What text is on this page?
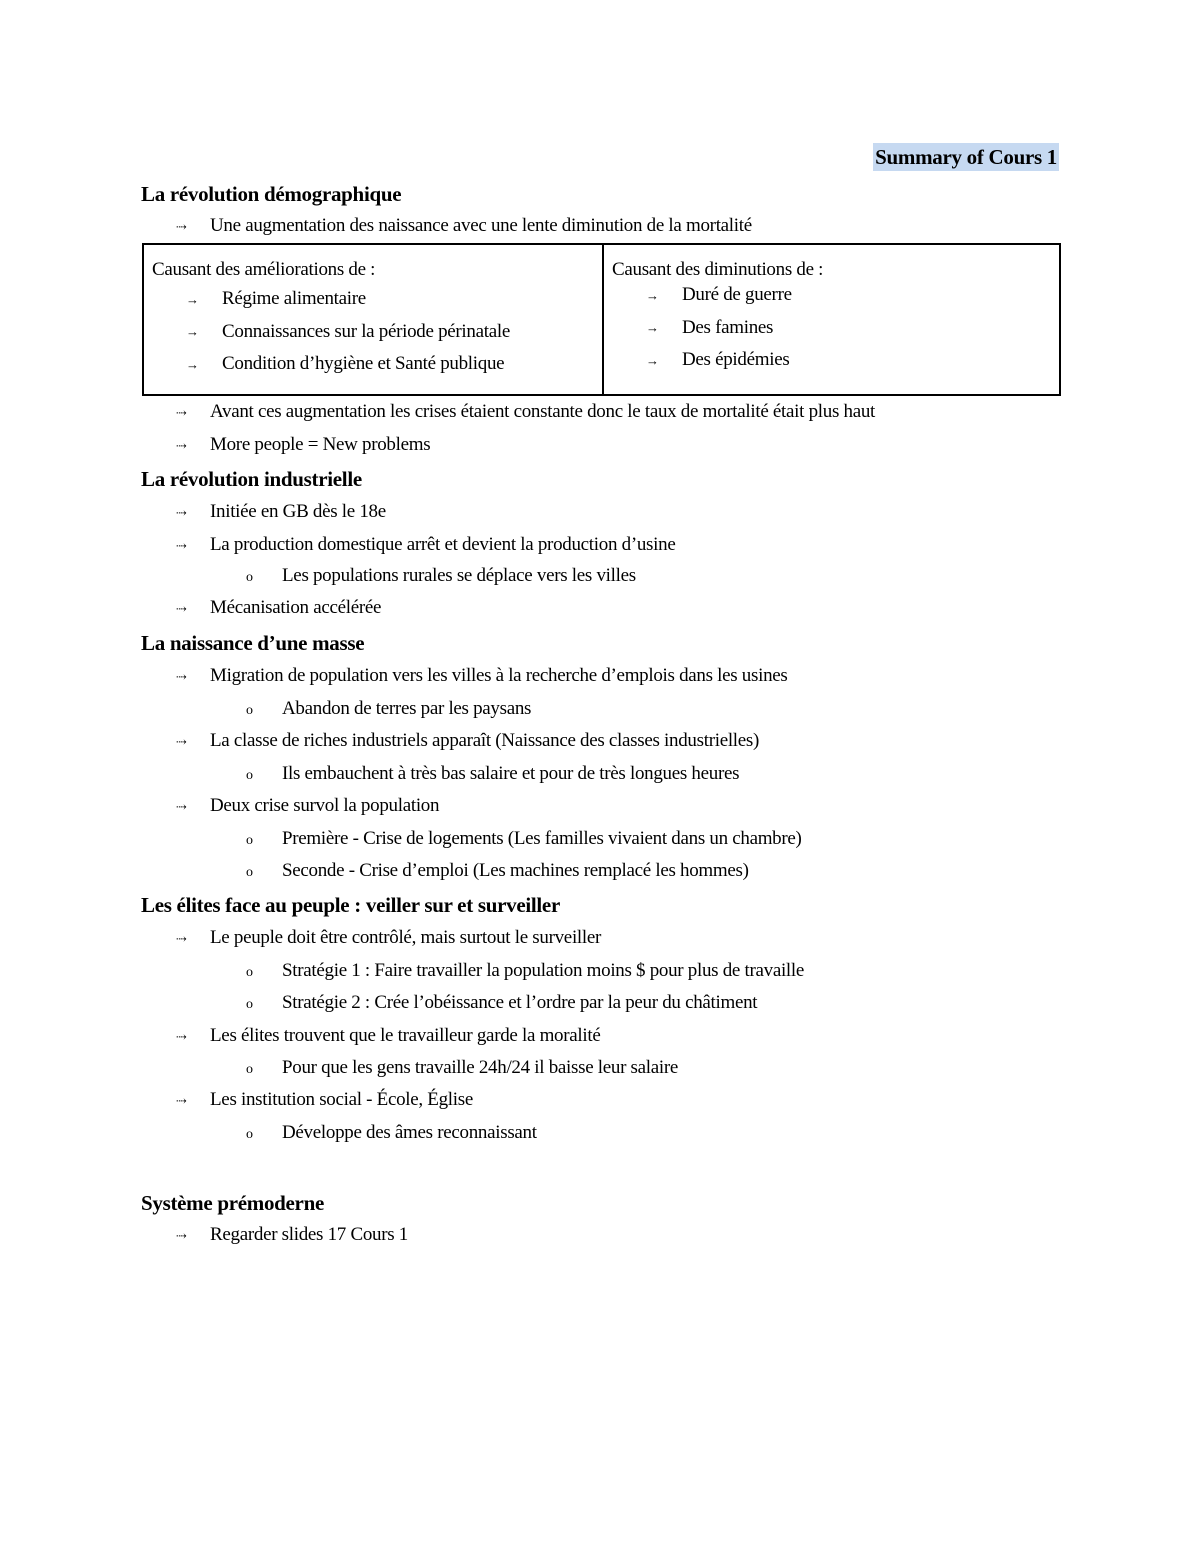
Summary of Cours 1
La révolution démographique
⇢ Une augmentation des naissance avec une lente diminution de la mortalité
Causant des améliorations de :
→ Régime alimentaire
→ Connaissances sur la période périnatale
→ Condition d’hygiène et Santé publique

Causant des diminutions de :
→ Duré de guerre
→ Des famines
→ Des épidémies
⇢ Avant ces augmentation les crises étaient constante donc le taux de mortalité était plus haut
⇢ More people = New problems
La révolution industrielle
⇢ Initiée en GB dès le 18e
⇢ La production domestique arrêt et devient la production d’usine
o Les populations rurales se déplace vers les villes
⇢ Mécanisation accélérée
La naissance d’une masse
⇢ Migration de population vers les villes à la recherche d’emplois dans les usines
o Abandon de terres par les paysans
⇢ La classe de riches industriels apparaît (Naissance des classes industrielles)
o Ils embauchent à très bas salaire et pour de très longues heures
⇢ Deux crise survol la population
o Première - Crise de logements (Les familles vivaient dans un chambre)
o Seconde - Crise d’emploi (Les machines remplacé les hommes)
Les élites face au peuple : veiller sur et surveiller
⇢ Le peuple doit être contrôlé, mais surtout le surveiller
o Stratégie 1 : Faire travailler la population moins $ pour plus de travaille
o Stratégie 2 : Crée l’obéissance et l’ordre par la peur du châtiment
⇢ Les élites trouvent que le travailleur garde la moralité
o Pour que les gens travaille 24h/24 il baisse leur salaire
⇢ Les institution social - École, Église
o Développe des âmes reconnaissant
Système prémoderne
⇢ Regarder slides 17 Cours 1
